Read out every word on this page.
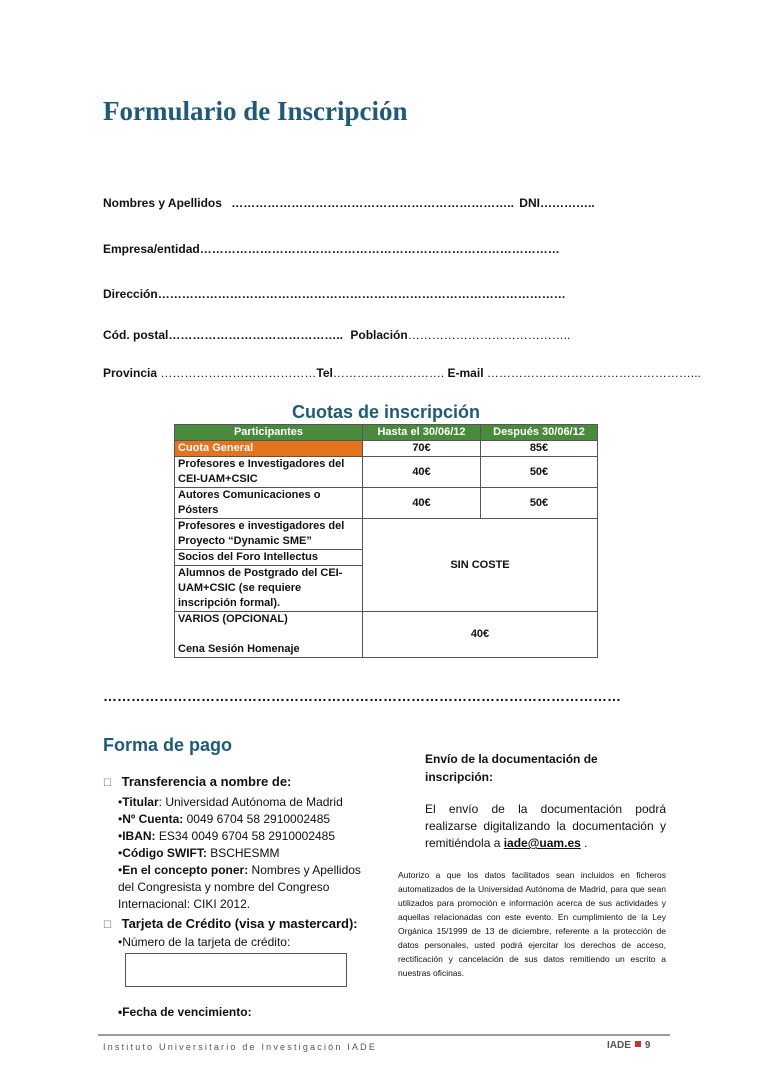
Formulario de Inscripción
Nombres y Apellidos …………………………………………………………….. DNI…………..
Empresa/entidad………………………………………………………………………………
Dirección…………………………………………………………………………………………
Cód. postal…………………………………….. Población…………………………………..
Provincia …………………………………Tel………………………. E-mail ……………………………………………...
Cuotas de inscripción
Participantes	Hasta el 30/06/12	Después 30/06/12
Cuota General	70€	85€
Profesores e Investigadores del CEI-UAM+CSIC	40€	50€
Autores Comunicaciones o Pósters	40€	50€
Profesores e investigadores del Proyecto “Dynamic SME”	SIN COSTE	
Socios del Foro Intellectus		
Alumnos de Postgrado del CEI-UAM+CSIC (se requiere inscripción formal).		

VARIOS (OPCIONAL)
Cena Sesión Homenaje	40€	
…………………………………………………………………………………………………
Forma de pago
☐ Transferencia a nombre de:
•Titular: Universidad Autónoma de Madrid
•Nº Cuenta: 0049 6704 58 2910002485
•IBAN: ES34 0049 6704 58 2910002485
•Código SWIFT: BSCHESMM
•En el concepto poner: Nombres y Apellidos del Congresista y nombre del Congreso Internacional: CIKI 2012.
☐ Tarjeta de Crédito (visa y mastercard):
•Número de la tarjeta de crédito:
•Fecha de vencimiento:
Envío de la documentación de inscripción:
El envío de la documentación podrá realizarse digitalizando la documentación y remitiéndola a iade@uam.es .
Autorizo a que los datos facilitados sean incluidos en ficheros automatizados de la Universidad Autónoma de Madrid, para que sean utilizados para promoción e información acerca de sus actividades y aquellas relacionadas con este evento. En cumplimiento de la Ley Orgánica 15/1999 de 13 de diciembre, referente a la protección de datos personales, usted podrá ejercitar los derechos de acceso, rectificación y cancelación de sus datos remitiendo un escrito a nuestras oficinas.
Instituto Universitario de Investigación IADE	IADE 9
